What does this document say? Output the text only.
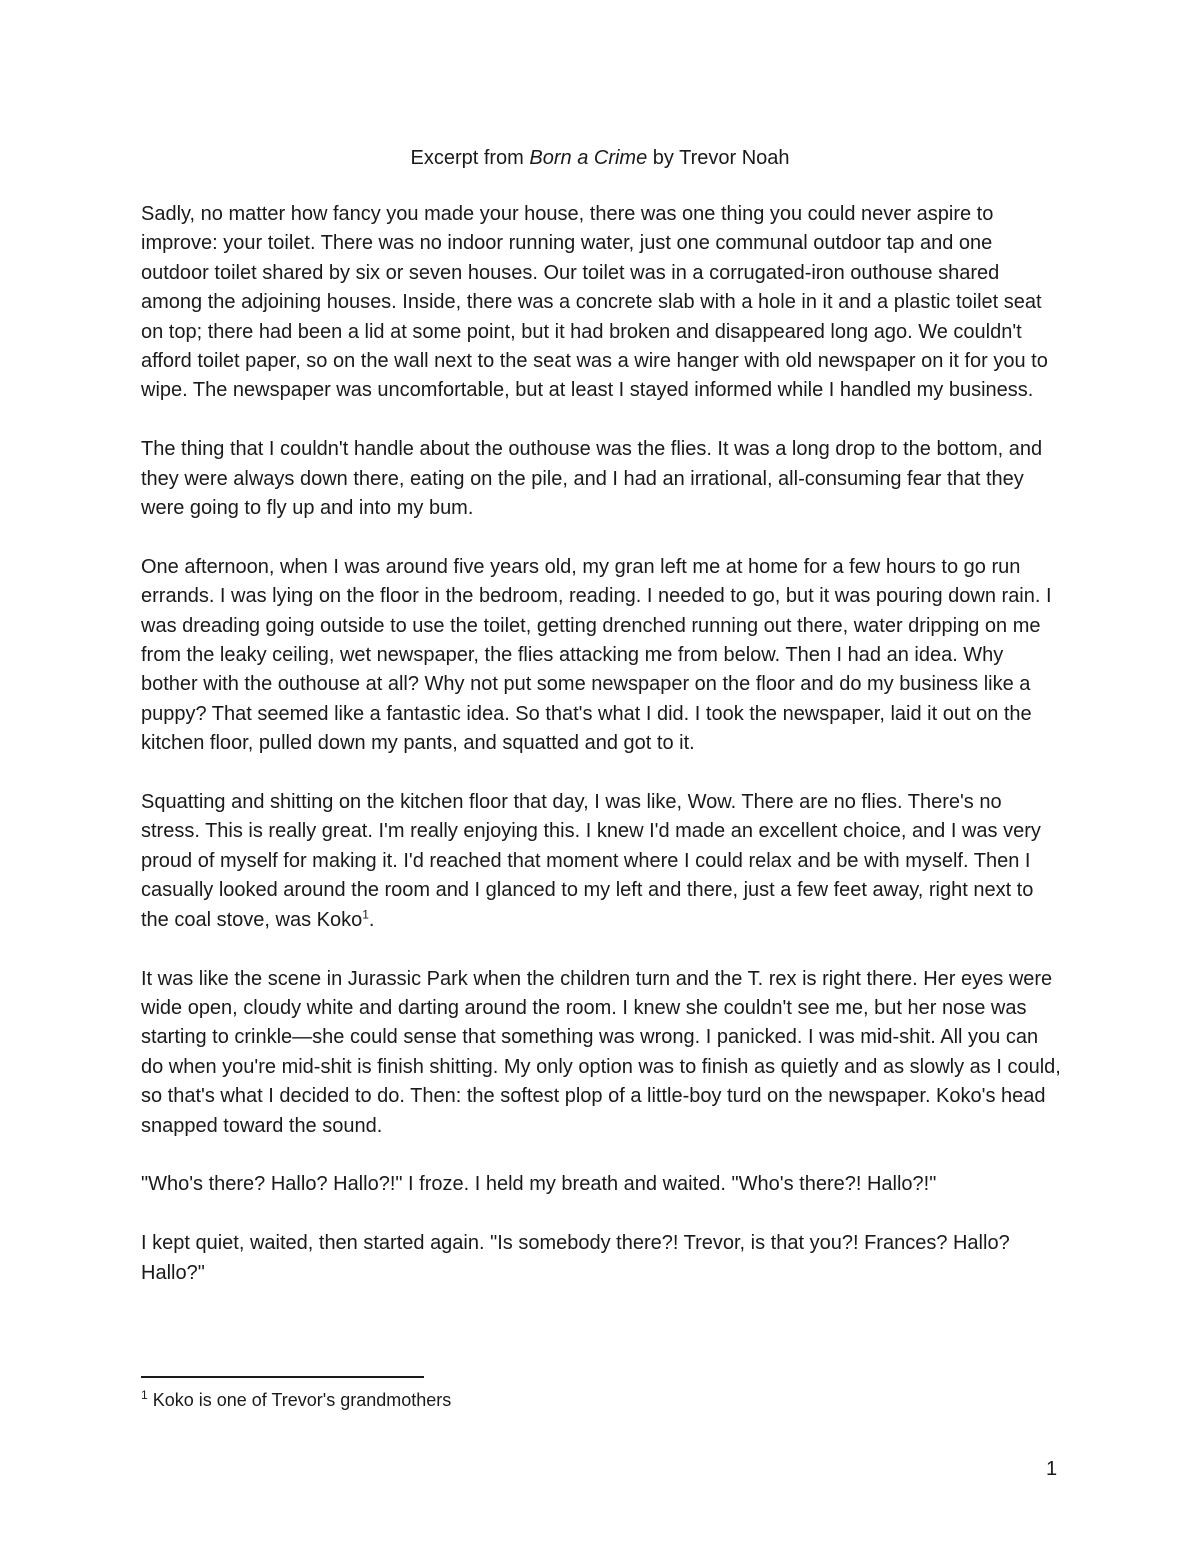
Excerpt from Born a Crime by Trevor Noah

Sadly, no matter how fancy you made your house, there was one thing you could never aspire to improve: your toilet. There was no indoor running water, just one communal outdoor tap and one outdoor toilet shared by six or seven houses. Our toilet was in a corrugated-iron outhouse shared among the adjoining houses. Inside, there was a concrete slab with a hole in it and a plastic toilet seat on top; there had been a lid at some point, but it had broken and disappeared long ago. We couldn't afford toilet paper, so on the wall next to the seat was a wire hanger with old newspaper on it for you to wipe. The newspaper was uncomfortable, but at least I stayed informed while I handled my business.

The thing that I couldn't handle about the outhouse was the flies. It was a long drop to the bottom, and they were always down there, eating on the pile, and I had an irrational, all-consuming fear that they were going to fly up and into my bum.

One afternoon, when I was around five years old, my gran left me at home for a few hours to go run errands. I was lying on the floor in the bedroom, reading. I needed to go, but it was pouring down rain. I was dreading going outside to use the toilet, getting drenched running out there, water dripping on me from the leaky ceiling, wet newspaper, the flies attacking me from below. Then I had an idea. Why bother with the outhouse at all? Why not put some newspaper on the floor and do my business like a puppy? That seemed like a fantastic idea. So that's what I did. I took the newspaper, laid it out on the kitchen floor, pulled down my pants, and squatted and got to it.

Squatting and shitting on the kitchen floor that day, I was like, Wow. There are no flies. There's no stress. This is really great. I'm really enjoying this. I knew I'd made an excellent choice, and I was very proud of myself for making it. I'd reached that moment where I could relax and be with myself. Then I casually looked around the room and I glanced to my left and there, just a few feet away, right next to the coal stove, was Koko$^1$.

It was like the scene in Jurassic Park when the children turn and the T. rex is right there. Her eyes were wide open, cloudy white and darting around the room. I knew she couldn't see me, but her nose was starting to crinkle—she could sense that something was wrong. I panicked. I was mid-shit. All you can do when you're mid-shit is finish shitting. My only option was to finish as quietly and as slowly as I could, so that's what I decided to do. Then: the softest plop of a little-boy turd on the newspaper. Koko's head snapped toward the sound.

"Who's there? Hallo? Hallo?!" I froze. I held my breath and waited. "Who's there?! Hallo?!"

I kept quiet, waited, then started again. "Is somebody there?! Trevor, is that you?! Frances? Hallo? Hallo?"

$^1$ Koko is one of Trevor's grandmothers

1
